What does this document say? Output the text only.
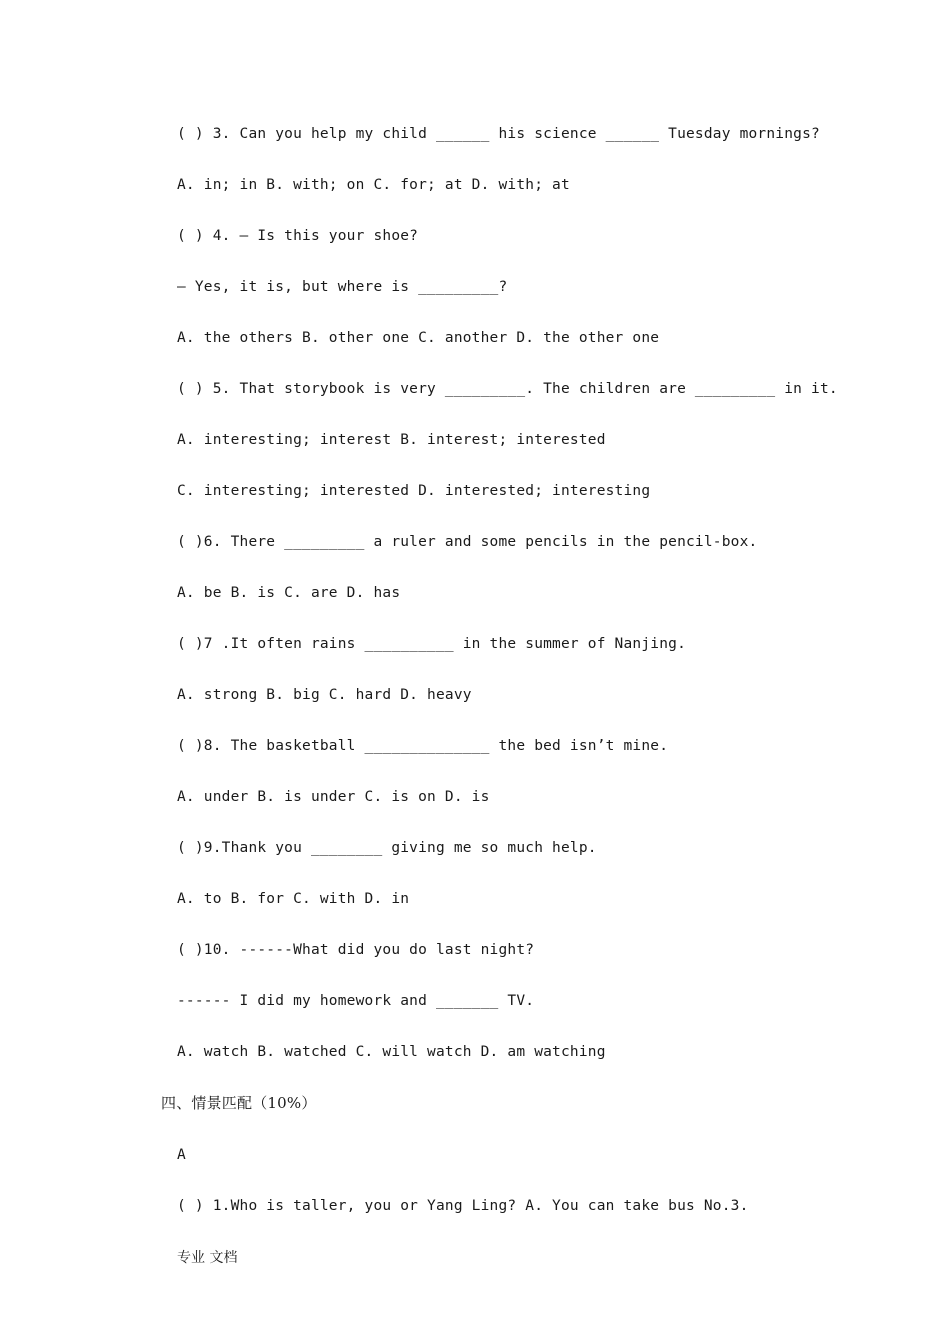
( ) 3. Can you help my child ______ his science ______ Tuesday mornings?
A. in; in B. with; on C. for; at D. with; at
( ) 4. — Is this your shoe?
— Yes, it is, but where is _________?
A. the others B. other one C. another D. the other one
( ) 5. That storybook is very _________. The children are _________ in it.
A. interesting; interest B. interest; interested
C. interesting; interested D. interested; interesting
( )6. There _________ a ruler and some pencils in the pencil-box.
A. be B. is C. are D. has
( )7 .It often rains __________ in the summer of Nanjing.
A. strong B. big C. hard D. heavy
( )8. The basketball ______________ the bed isn’t mine.
A. under B. is under C. is on D. is
( )9.Thank you ________ giving me so much help.
A. to B. for C. with D. in
( )10. ------What did you do last night?
------ I did my homework and _______ TV.
A. watch B. watched C. will watch D. am watching
四、情景匹配（10%）
A
( ) 1.Who is taller, you or Yang Ling? A. You can take bus No.3.
专业 文档
